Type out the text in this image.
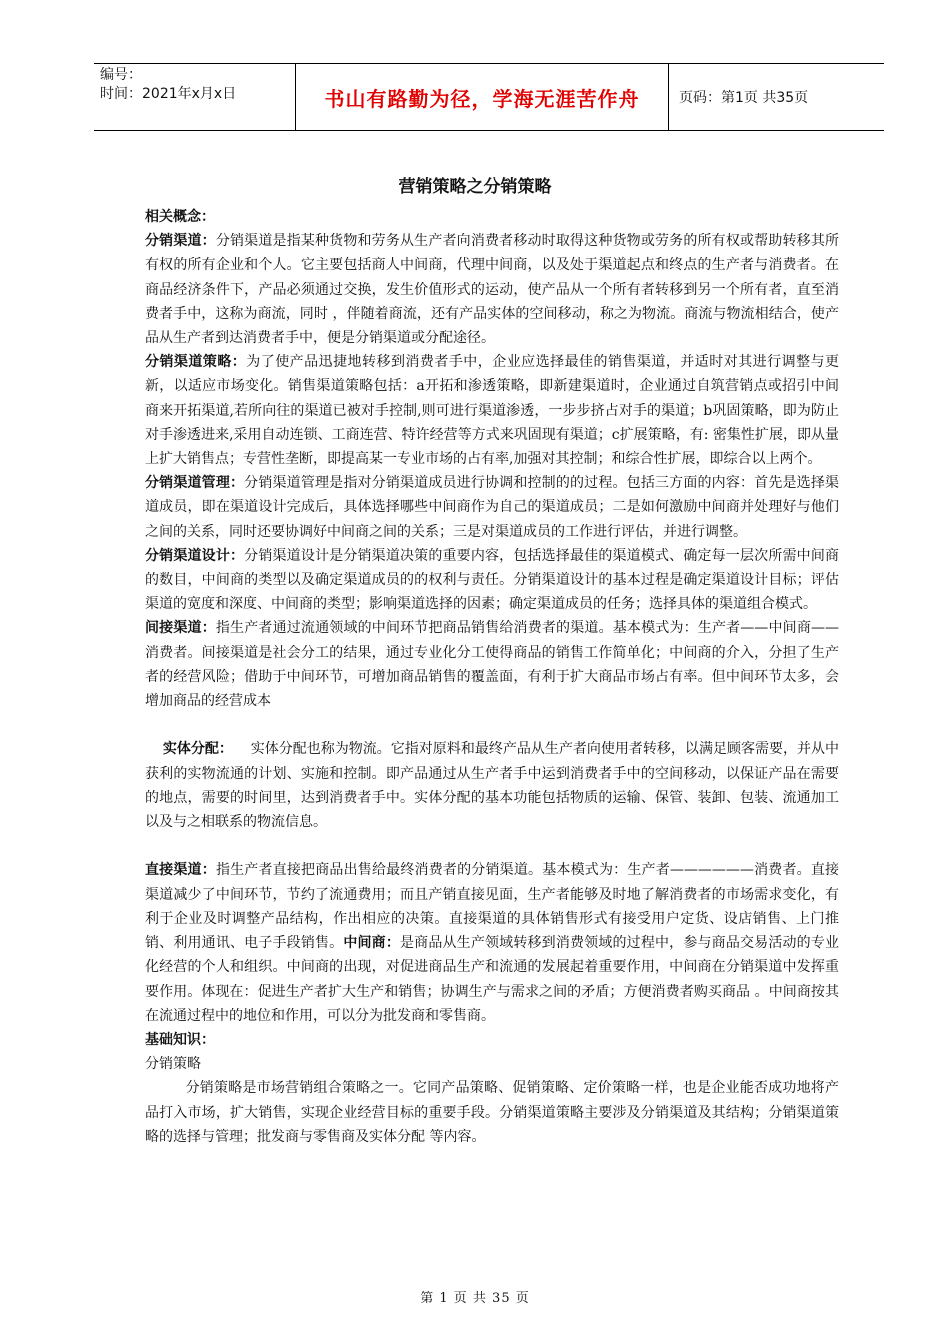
编号：
时间：2021年x月x日	书山有路勤为径，学海无涯苦作舟	页码：第1页 共35页
营销策略之分销策略

相关概念：

分销渠道：分销渠道是指某种货物和劳务从生产者向消费者移动时取得这种货物或劳务的所有权或帮助转移其所有权的所有企业和个人。它主要包括商人中间商，代理中间商，以及处于渠道起点和终点的生产者与消费者。在商品经济条件下，产品必须通过交换，发生价值形式的运动，使产品从一个所有者转移到另一个所有者，直至消费者手中，这称为商流，同时 ，伴随着商流，还有产品实体的空间移动，称之为物流。商流与物流相结合，使产品从生产者到达消费者手中，便是分销渠道或分配途径。

分销渠道策略：为了使产品迅捷地转移到消费者手中，企业应选择最佳的销售渠道，并适时对其进行调整与更新，以适应市场变化。销售渠道策略包括：a开拓和渗透策略，即新建渠道时，企业通过自筑营销点或招引中间商来开拓渠道,若所向往的渠道已被对手控制,则可进行渠道渗透，一步步挤占对手的渠道；b巩固策略，即为防止对手渗透进来,采用自动连锁、工商连营、特许经营等方式来巩固现有渠道；c扩展策略，有: 密集性扩展，即从量上扩大销售点；专营性垄断，即提高某一专业市场的占有率,加强对其控制；和综合性扩展，即综合以上两个。

分销渠道管理：分销渠道管理是指对分销渠道成员进行协调和控制的的过程。包括三方面的内容：首先是选择渠道成员，即在渠道设计完成后，具体选择哪些中间商作为自己的渠道成员；二是如何激励中间商并处理好与他们之间的关系，同时还要协调好中间商之间的关系；三是对渠道成员的工作进行评估，并进行调整。

分销渠道设计：分销渠道设计是分销渠道决策的重要内容，包括选择最佳的渠道模式、确定每一层次所需中间商的数目，中间商的类型以及确定渠道成员的的权利与责任。分销渠道设计的基本过程是确定渠道设计目标；评估渠道的宽度和深度、中间商的类型；影响渠道选择的因素；确定渠道成员的任务；选择具体的渠道组合模式。

间接渠道：指生产者通过流通领域的中间环节把商品销售给消费者的渠道。基本模式为：生产者——中间商——消费者。间接渠道是社会分工的结果，通过专业化分工使得商品的销售工作简单化；中间商的介入，分担了生产者的经营风险；借助于中间环节，可增加商品销售的覆盖面，有利于扩大商品市场占有率。但中间环节太多，会增加商品的经营成本

实体分配：    实体分配也称为物流。它指对原料和最终产品从生产者向使用者转移，以满足顾客需要，并从中获利的实物流通的计划、实施和控制。即产品通过从生产者手中运到消费者手中的空间移动，以保证产品在需要的地点，需要的时间里，达到消费者手中。实体分配的基本功能包括物质的运输、保管、装卸、包装、流通加工以及与之相联系的物流信息。

直接渠道：指生产者直接把商品出售给最终消费者的分销渠道。基本模式为：生产者——————消费者。直接渠道减少了中间环节，节约了流通费用；而且产销直接见面，生产者能够及时地了解消费者的市场需求变化，有利于企业及时调整产品结构，作出相应的决策。直接渠道的具体销售形式有接受用户定货、设店销售、上门推销、利用通讯、电子手段销售。中间商：是商品从生产领域转移到消费领域的过程中，参与商品交易活动的专业化经营的个人和组织。中间商的出现，对促进商品生产和流通的发展起着重要作用，中间商在分销渠道中发挥重要作用。体现在：促进生产者扩大生产和销售；协调生产与需求之间的矛盾；方便消费者购买商品 。中间商按其在流通过程中的地位和作用，可以分为批发商和零售商。

基础知识：

分销策略

分销策略是市场营销组合策略之一。它同产品策略、促销策略、定价策略一样，也是企业能否成功地将产品打入市场，扩大销售，实现企业经营目标的重要手段。分销渠道策略主要涉及分销渠道及其结构；分销渠道策略的选择与管理；批发商与零售商及实体分配 等内容。

第 1 页 共 35 页
